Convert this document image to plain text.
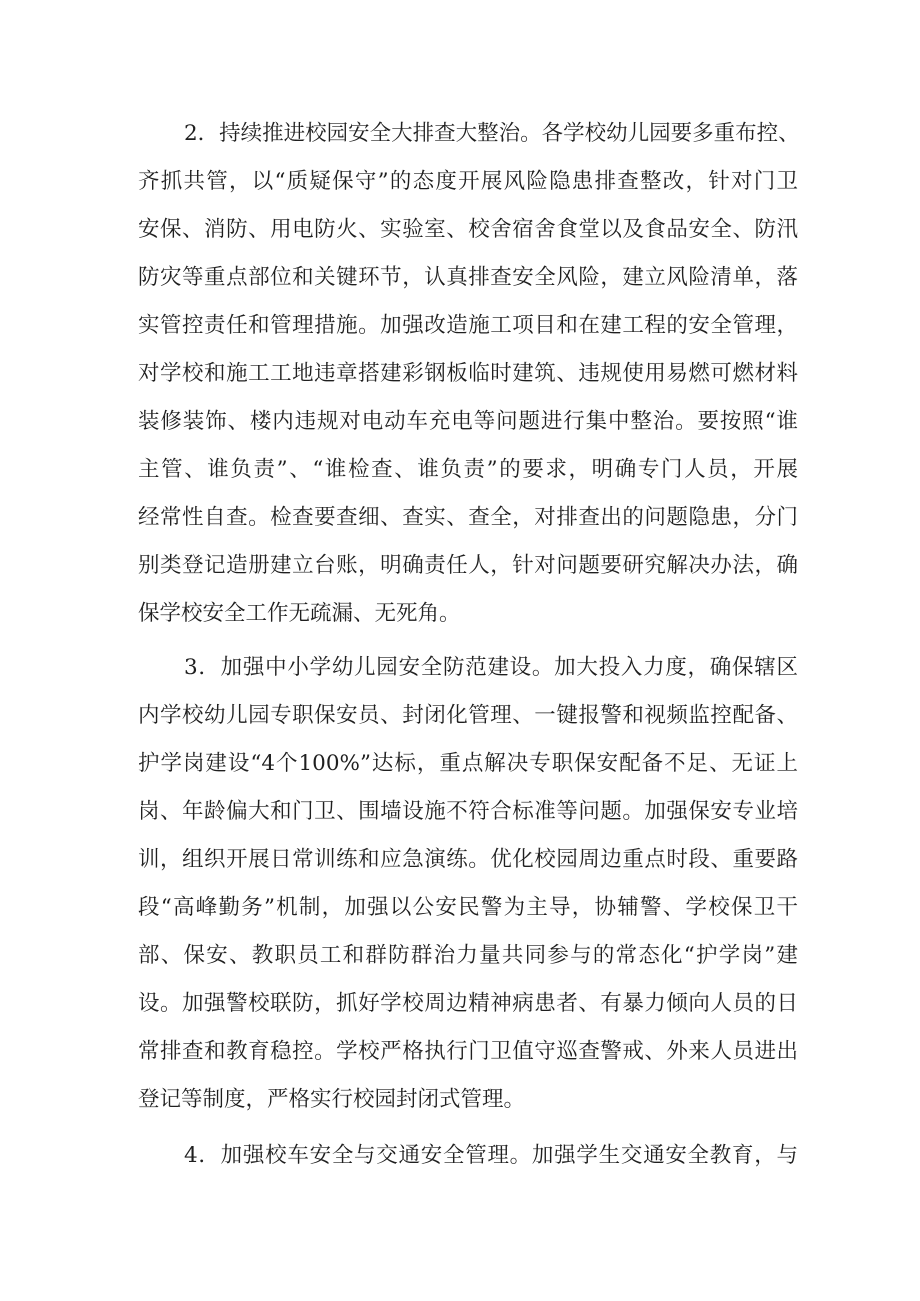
2．持续推进校园安全大排查大整治。各学校幼儿园要多重布控、
齐抓共管，以“质疑保守”的态度开展风险隐患排查整改，针对门卫
安保、消防、用电防火、实验室、校舍宿舍食堂以及食品安全、防汛
防灾等重点部位和关键环节，认真排查安全风险，建立风险清单，落
实管控责任和管理措施。加强改造施工项目和在建工程的安全管理，
对学校和施工工地违章搭建彩钢板临时建筑、违规使用易燃可燃材料
装修装饰、楼内违规对电动车充电等问题进行集中整治。要按照“谁
主管、谁负责”、“谁检查、谁负责”的要求，明确专门人员，开展
经常性自查。检查要查细、查实、查全，对排查出的问题隐患，分门
别类登记造册建立台账，明确责任人，针对问题要研究解决办法，确
保学校安全工作无疏漏、无死角。
3．加强中小学幼儿园安全防范建设。加大投入力度，确保辖区
内学校幼儿园专职保安员、封闭化管理、一键报警和视频监控配备、
护学岗建设“4个100%”达标，重点解决专职保安配备不足、无证上
岗、年龄偏大和门卫、围墙设施不符合标准等问题。加强保安专业培
训，组织开展日常训练和应急演练。优化校园周边重点时段、重要路
段“高峰勤务”机制，加强以公安民警为主导，协辅警、学校保卫干
部、保安、教职员工和群防群治力量共同参与的常态化“护学岗”建
设。加强警校联防，抓好学校周边精神病患者、有暴力倾向人员的日
常排查和教育稳控。学校严格执行门卫值守巡查警戒、外来人员进出
登记等制度，严格实行校园封闭式管理。
4．加强校车安全与交通安全管理。加强学生交通安全教育，与
